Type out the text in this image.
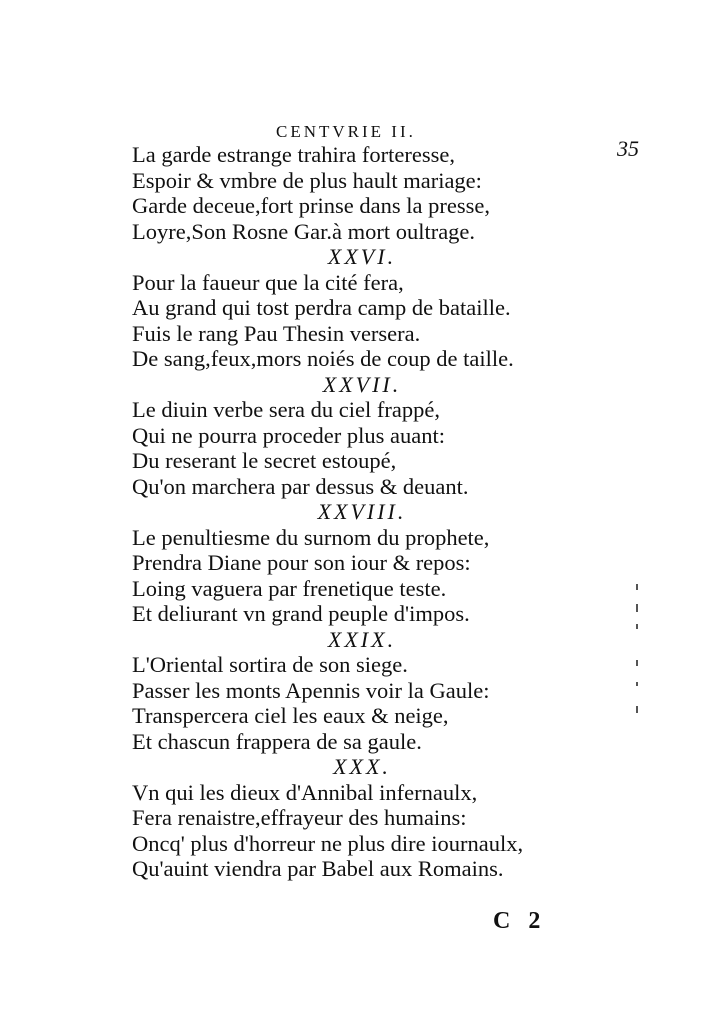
CENTVRIE II.
35
La garde estrange trahira forteresse,
Espoir & vmbre de plus hault mariage:
Garde deceue,fort prinse dans la presse,
Loyre,Son Rosne Gar.à mort oultrage.
XXVI.
Pour la faueur que la cité fera,
Au grand qui tost perdra camp de bataille.
Fuis le rang Pau Thesin versera.
De sang,feux,mors noiés de coup de taille.
XXVII.
Le diuin verbe sera du ciel frappé,
Qui ne pourra proceder plus auant:
Du reserant le secret estoupé,
Qu'on marchera par dessus & deuant.
XXVIII.
Le penultiesme du surnom du prophete,
Prendra Diane pour son iour & repos:
Loing vaguera par frenetique teste.
Et deliurant vn grand peuple d'impos.
XXIX.
L'Oriental sortira de son siege.
Passer les monts Apennis voir la Gaule:
Transpercera ciel les eaux & neige,
Et chascun frappera de sa gaule.
XXX.
Vn qui les dieux d'Annibal infernaulx,
Fera renaistre,effrayeur des humains:
Oncq' plus d'horreur ne plus dire iournaulx,
Qu'auint viendra par Babel aux Romains.
C 2
